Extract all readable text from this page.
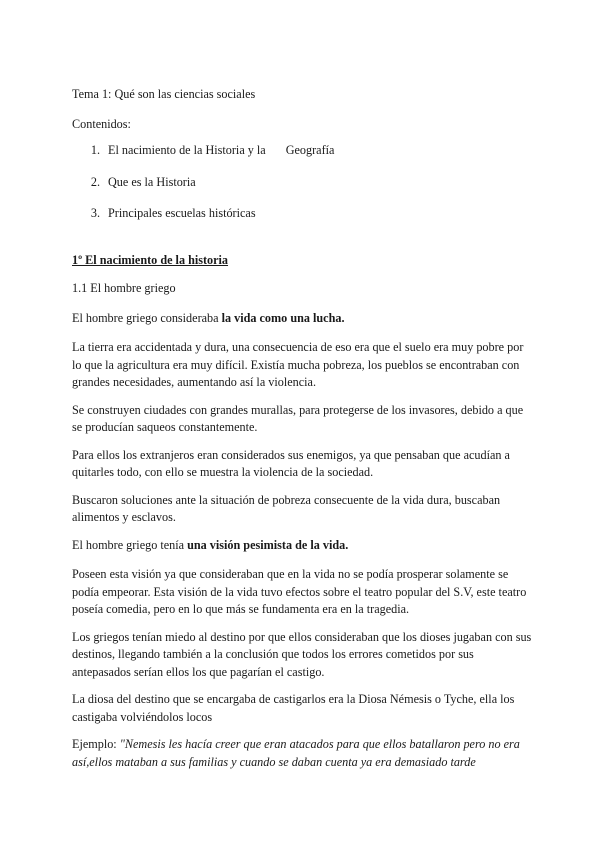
Tema 1: Qué son las ciencias sociales

Contenidos:

1. El nacimiento de la Historia y la Geografía
2. Que es la Historia
3. Principales escuelas históricas

1º El nacimiento de la historia

1.1 El hombre griego

El hombre griego consideraba la vida como una lucha.

La tierra era accidentada y dura, una consecuencia de eso era que el suelo era muy pobre por lo que la agricultura era muy difícil. Existía mucha pobreza, los pueblos se encontraban con grandes necesidades, aumentando así la violencia.

Se construyen ciudades con grandes murallas, para protegerse de los invasores, debido a que se producían saqueos constantemente.

Para ellos los extranjeros eran considerados sus enemigos, ya que pensaban que acudían a quitarles todo, con ello se muestra la violencia de la sociedad.

Buscaron soluciones ante la situación de pobreza consecuente de la vida dura, buscaban alimentos y esclavos.

El hombre griego tenía una visión pesimista de la vida.

Poseen esta visión ya que consideraban que en la vida no se podía prosperar solamente se podía empeorar. Esta visión de la vida tuvo efectos sobre el teatro popular del S.V, este teatro poseía comedia, pero en lo que más se fundamenta era en la tragedia.

Los griegos tenían miedo al destino por que ellos consideraban que los dioses jugaban con sus destinos, llegando también a la conclusión que todos los errores cometidos por sus antepasados serían ellos los que pagarían el castigo.

La diosa del destino que se encargaba de castigarlos era la Diosa Némesis o Tyche, ella los castigaba volviéndolos locos

Ejemplo: "Nemesis les hacía creer que eran atacados para que ellos batallaron pero no era así,ellos mataban a sus familias y cuando se daban cuenta ya era demasiado tarde
